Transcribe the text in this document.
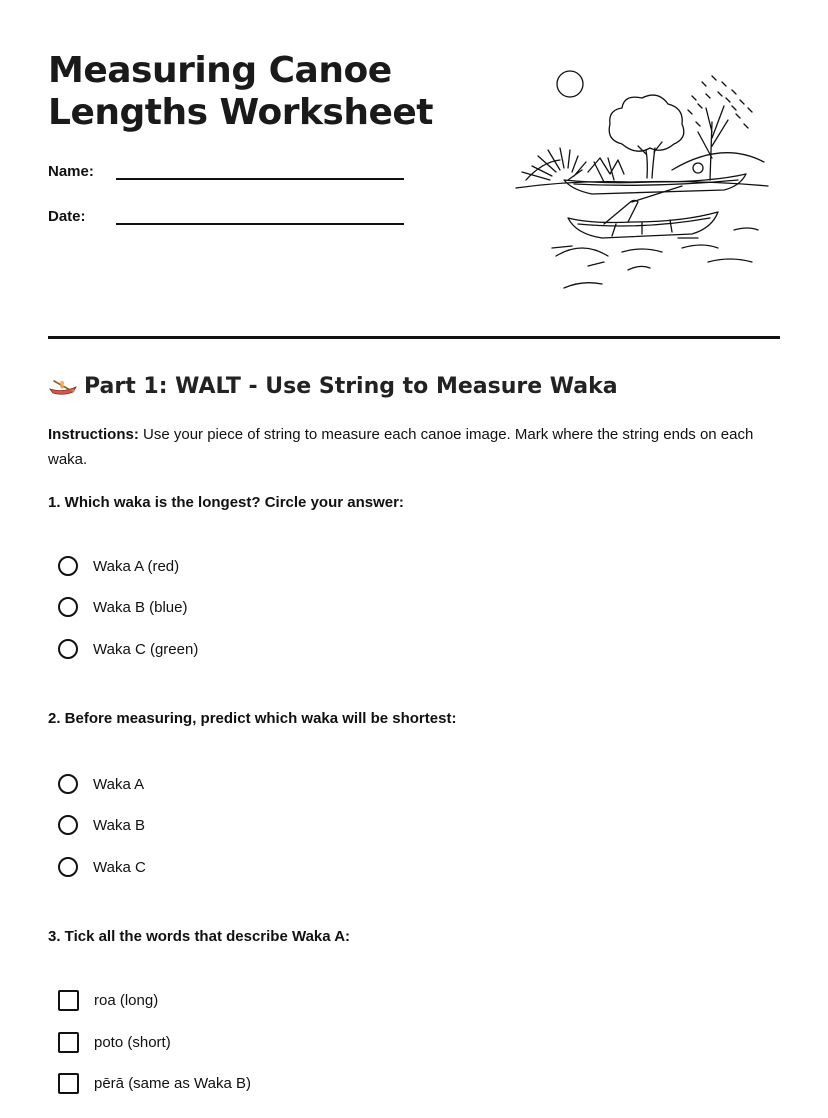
Measuring Canoe
Lengths Worksheet
Name:
Date:
Part 1: WALT - Use String to Measure Waka

Instructions: Use your piece of string to measure each canoe image. Mark where the string ends on each waka.

1. Which waka is the longest? Circle your answer:

Waka A (red)
Waka B (blue)
Waka C (green)

2. Before measuring, predict which waka will be shortest:

Waka A
Waka B
Waka C

3. Tick all the words that describe Waka A:

roa (long)
poto (short)
pērā (same as Waka B)
